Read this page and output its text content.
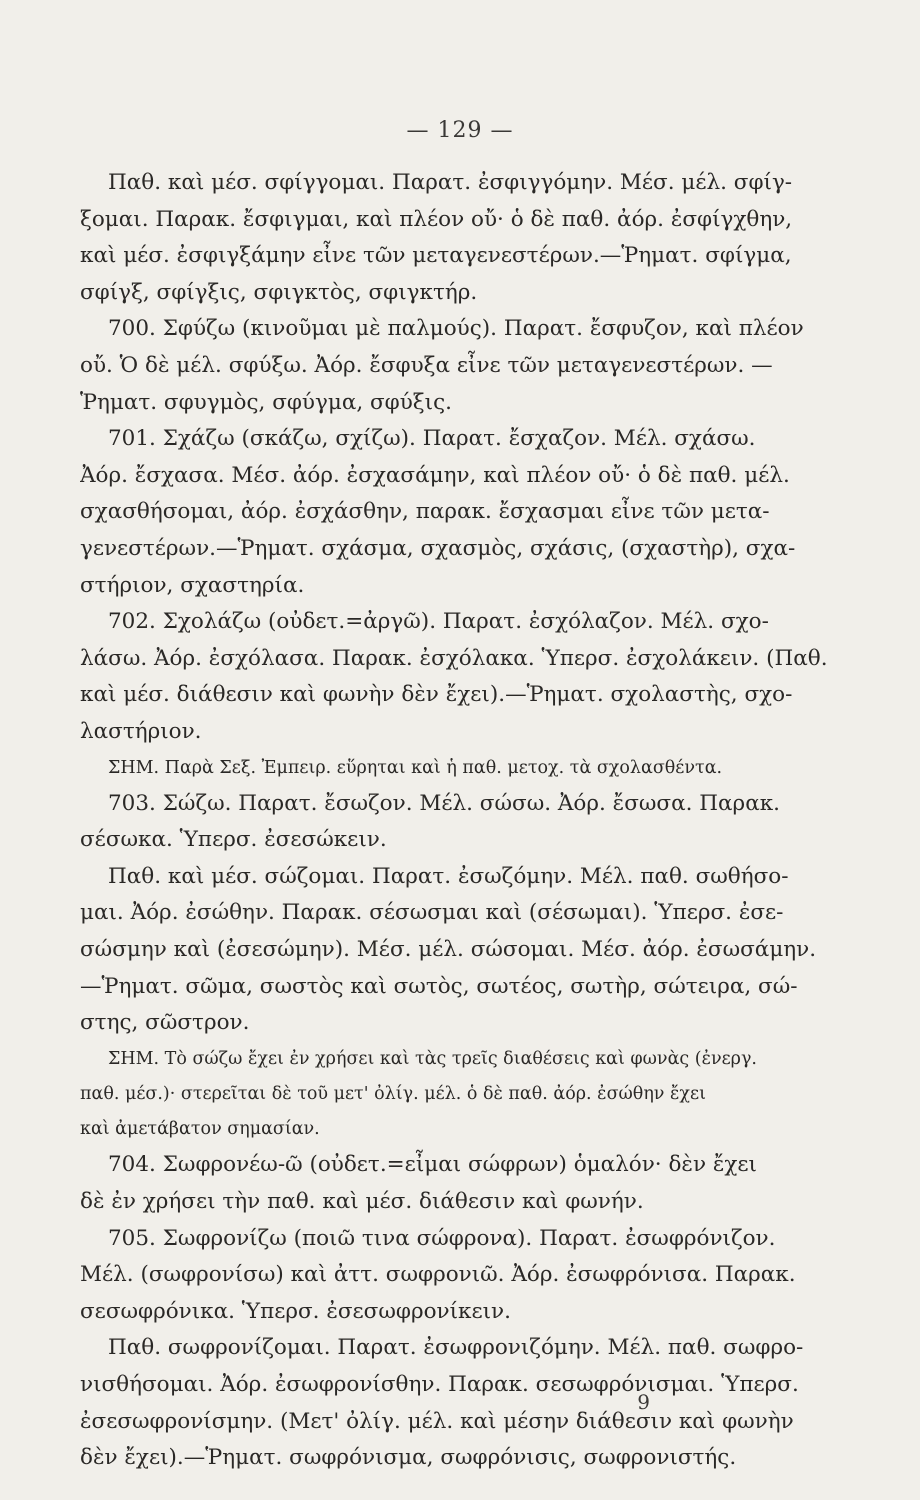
— 129 —
Παθ. καὶ μέσ. σφίγγομαι. Παρατ. ἐσφιγγόμην. Μέσ. μέλ. σφίγ-
ξομαι. Παρακ. ἔσφιγμαι, καὶ πλέον οὔ· ὁ δὲ παθ. ἀόρ. ἐσφίγχθην,
καὶ μέσ. ἐσφιγξάμην εἶνε τῶν μεταγενεστέρων.—Ῥηματ. σφίγμα,
σφίγξ, σφίγξις, σφιγκτὸς, σφιγκτήρ.
700. Σφύζω (κινοῦμαι μὲ παλμούς). Παρατ. ἔσφυζον, καὶ πλέον
οὔ. Ὁ δὲ μέλ. σφύξω. Ἀόρ. ἔσφυξα εἶνε τῶν μεταγενεστέρων. —
Ῥηματ. σφυγμὸς, σφύγμα, σφύξις.
701. Σχάζω (σκάζω, σχίζω). Παρατ. ἔσχαζον. Μέλ. σχάσω.
Ἀόρ. ἔσχασα. Μέσ. ἀόρ. ἐσχασάμην, καὶ πλέον οὔ· ὁ δὲ παθ. μέλ.
σχασθήσομαι, ἀόρ. ἐσχάσθην, παρακ. ἔσχασμαι εἶνε τῶν μετα-
γενεστέρων.—Ῥηματ. σχάσμα, σχασμὸς, σχάσις, (σχαστὴρ), σχα-
στήριον, σχαστηρία.
702. Σχολάζω (οὐδετ.=ἀργῶ). Παρατ. ἐσχόλαζον. Μέλ. σχο-
λάσω. Ἀόρ. ἐσχόλασα. Παρακ. ἐσχόλακα. Ὑπερσ. ἐσχολάκειν. (Παθ.
καὶ μέσ. διάθεσιν καὶ φωνὴν δὲν ἔχει).—Ῥηματ. σχολαστὴς, σχο-
λαστήριον.
ΣΗΜ. Παρὰ Σεξ. Ἐμπειρ. εὕρηται καὶ ἡ παθ. μετοχ. τὰ σχολασθέντα.
703. Σώζω. Παρατ. ἔσωζον. Μέλ. σώσω. Ἀόρ. ἔσωσα. Παρακ.
σέσωκα. Ὑπερσ. ἐσεσώκειν.
Παθ. καὶ μέσ. σώζομαι. Παρατ. ἐσωζόμην. Μέλ. παθ. σωθήσο-
μαι. Ἀόρ. ἐσώθην. Παρακ. σέσωσμαι καὶ (σέσωμαι). Ὑπερσ. ἐσε-
σώσμην καὶ (ἐσεσώμην). Μέσ. μέλ. σώσομαι. Μέσ. ἀόρ. ἐσωσάμην.
—Ῥηματ. σῶμα, σωστὸς καὶ σωτὸς, σωτέος, σωτὴρ, σώτειρα, σώ-
στης, σῶστρον.
ΣΗΜ. Τὸ σώζω ἔχει ἐν χρήσει καὶ τὰς τρεῖς διαθέσεις καὶ φωνὰς (ἐνεργ.
παθ. μέσ.)· στερεῖται δὲ τοῦ μετ' ὀλίγ. μέλ. ὁ δὲ παθ. ἀόρ. ἐσώθην ἔχει
καὶ ἀμετάβατον σημασίαν.
704. Σωφρονέω-ῶ (οὐδετ.=εἶμαι σώφρων) ὁμαλόν· δὲν ἔχει
δὲ ἐν χρήσει τὴν παθ. καὶ μέσ. διάθεσιν καὶ φωνήν.
705. Σωφρονίζω (ποιῶ τινα σώφρονα). Παρατ. ἐσωφρόνιζον.
Μέλ. (σωφρονίσω) καὶ ἀττ. σωφρονιῶ. Ἀόρ. ἐσωφρόνισα. Παρακ.
σεσωφρόνικα. Ὑπερσ. ἐσεσωφρονίκειν.
Παθ. σωφρονίζομαι. Παρατ. ἐσωφρονιζόμην. Μέλ. παθ. σωφρο-
νισθήσομαι. Ἀόρ. ἐσωφρονίσθην. Παρακ. σεσωφρόνισμαι. Ὑπερσ.
ἐσεσωφρονίσμην. (Μετ' ὀλίγ. μέλ. καὶ μέσην διάθεσιν καὶ φωνὴν
δὲν ἔχει).—Ῥηματ. σωφρόνισμα, σωφρόνισις, σωφρονιστής.
9
